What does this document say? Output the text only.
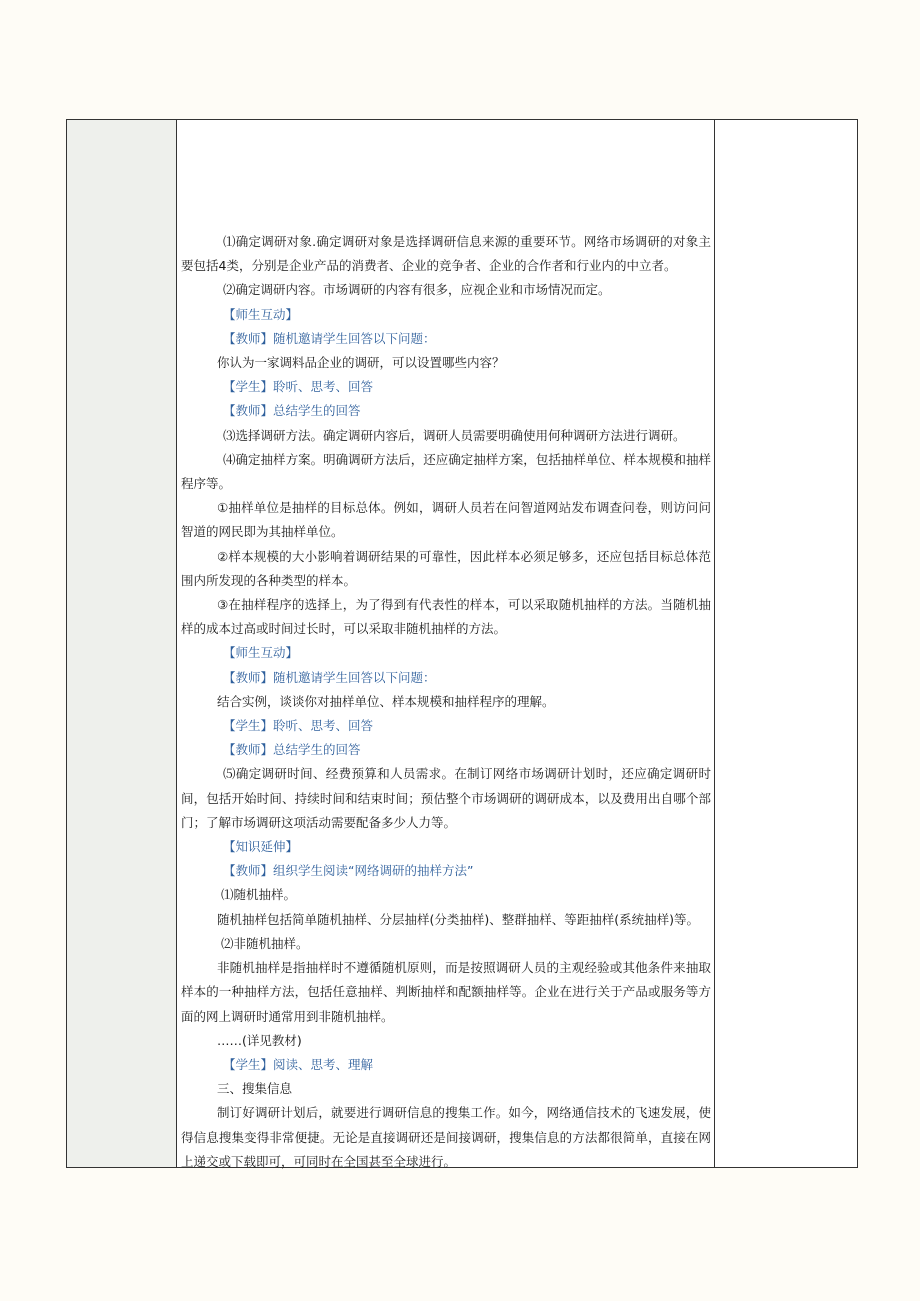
⑴确定调研对象.确定调研对象是选择调研信息来源的重要环节。网络市场调研的对象主要包括4类，分别是企业产品的消费者、企业的竞争者、企业的合作者和行业内的中立者。

⑵确定调研内容。市场调研的内容有很多，应视企业和市场情况而定。

【师生互动】

【教师】随机邀请学生回答以下问题：

你认为一家调料品企业的调研，可以设置哪些内容？

【学生】聆听、思考、回答

【教师】总结学生的回答

⑶选择调研方法。确定调研内容后，调研人员需要明确使用何种调研方法进行调研。

⑷确定抽样方案。明确调研方法后，还应确定抽样方案，包括抽样单位、样本规模和抽样程序等。

①抽样单位是抽样的目标总体。例如，调研人员若在问智道网站发布调查问卷，则访问问智道的网民即为其抽样单位。

②样本规模的大小影响着调研结果的可靠性，因此样本必须足够多，还应包括目标总体范围内所发现的各种类型的样本。

③在抽样程序的选择上，为了得到有代表性的样本，可以采取随机抽样的方法。当随机抽样的成本过高或时间过长时，可以采取非随机抽样的方法。

【师生互动】

【教师】随机邀请学生回答以下问题：

结合实例，谈谈你对抽样单位、样本规模和抽样程序的理解。

【学生】聆听、思考、回答

【教师】总结学生的回答

⑸确定调研时间、经费预算和人员需求。在制订网络市场调研计划时，还应确定调研时间，包括开始时间、持续时间和结束时间；预估整个市场调研的调研成本，以及费用出自哪个部门；了解市场调研这项活动需要配备多少人力等。

【知识延伸】

【教师】组织学生阅读“网络调研的抽样方法”

⑴随机抽样。

随机抽样包括简单随机抽样、分层抽样(分类抽样)、整群抽样、等距抽样(系统抽样)等。

⑵非随机抽样。

非随机抽样是指抽样时不遵循随机原则，而是按照调研人员的主观经验或其他条件来抽取样本的一种抽样方法，包括任意抽样、判断抽样和配额抽样等。企业在进行关于产品或服务等方面的网上调研时通常用到非随机抽样。

……(详见教材)

【学生】阅读、思考、理解

三、搜集信息

制订好调研计划后，就要进行调研信息的搜集工作。如今，网络通信技术的飞速发展，使得信息搜集变得非常便捷。无论是直接调研还是间接调研，搜集信息的方法都很简单，直接在网上递交或下载即可，可同时在全国甚至全球进行。
